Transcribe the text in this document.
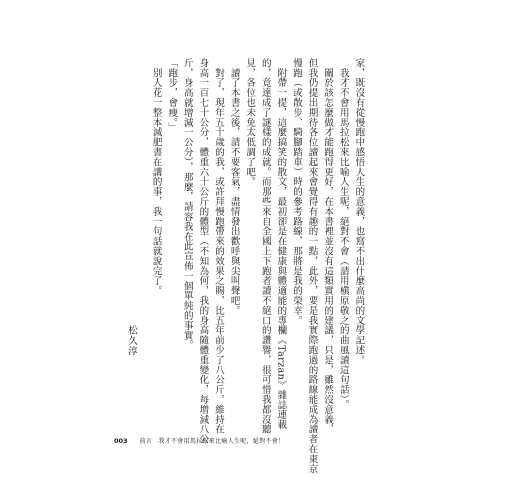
家，既沒有從慢跑中感悟人生的意義，也寫不出什麼高尚的文學記述。
　我才不會用馬拉松來比喻人生呢，絕對不會（請用槇原敬之的曲風讀這句話）。
　關於該怎麼做才能跑得更好，在本書裡並沒有這類實用的建議，只是，雖然沒意義，
但我仍提出期待各位讀起來會覺得有趣的一點，此外，要是我實際跑過的路線能成為讀者在東京
慢跑（或散步、騎腳踏車）時的參考路線，那將是我的榮幸。
　附帶一提，這麼搞笑的散文，最初卻是在健康與體適能的專欄《Tarzan》雜誌連載
的，竟達成了謎樣的成就。而那些來自全國上下跑者讀不絕口的讚譽，很可惜我都沒聽
見，各位也未免太低調了吧。
　讀了本書之後，請不要客氣，盡情發出歡呼與尖叫聲吧。
　對了，現年五十歲的我，或許拜慢跑帶來的效果之賜，比五年前少了八公斤，維持在
身高一百七十公分，體重六十公斤的體型（不知為何，我的身高隨體重變化，每增減八公
斤，身高就增減一公分），那麼，請容我在此宣佈一個單純的事實。
「跑步，會瘦。」
　別人花一整本減肥書在講的事，我一句話就說完了。
松久淳
003 前言　我才不會用馬拉松來比喻人生呢，絕對不會！
